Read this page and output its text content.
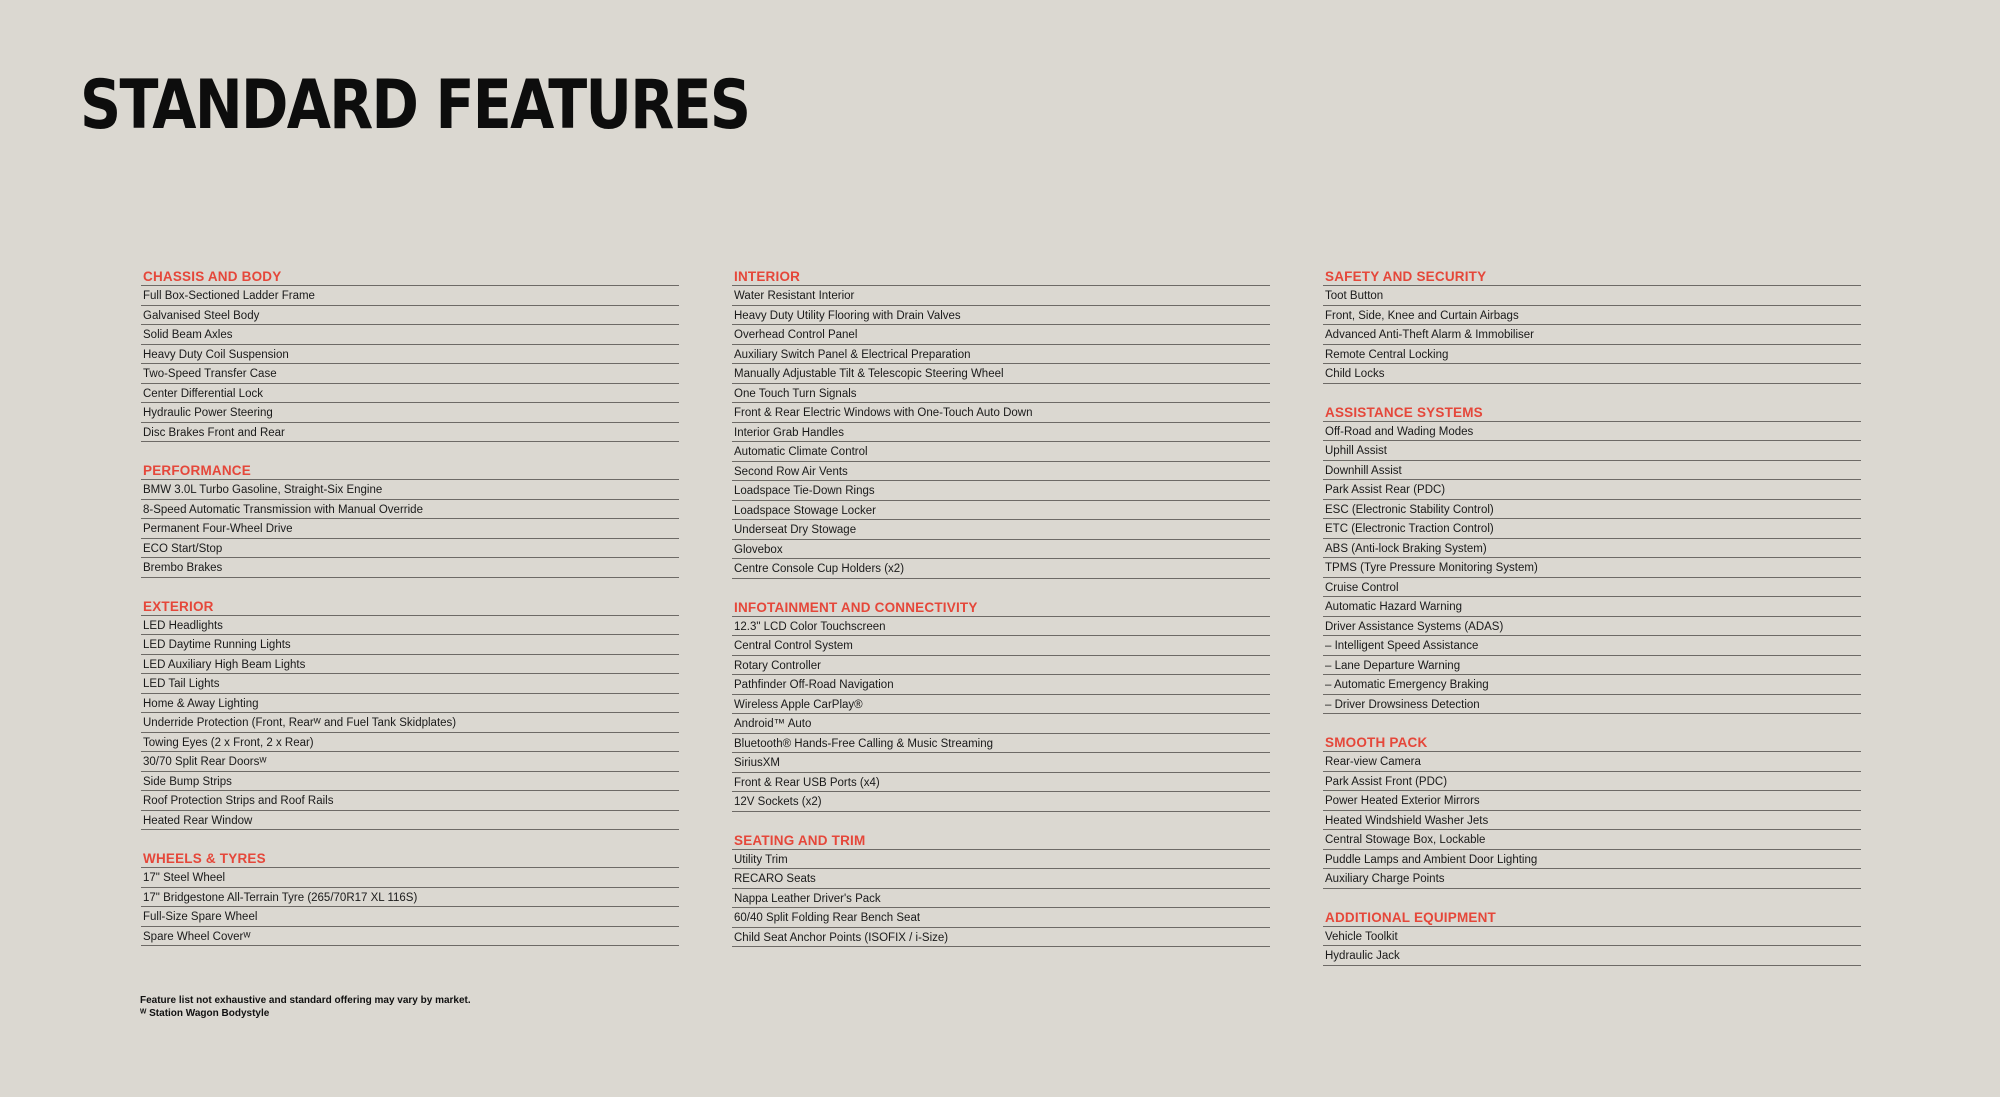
STANDARD FEATURES
CHASSIS AND BODY
Full Box-Sectioned Ladder Frame
Galvanised Steel Body
Solid Beam Axles
Heavy Duty Coil Suspension
Two-Speed Transfer Case
Center Differential Lock
Hydraulic Power Steering
Disc Brakes Front and Rear
PERFORMANCE
BMW 3.0L Turbo Gasoline, Straight-Six Engine
8-Speed Automatic Transmission with Manual Override
Permanent Four-Wheel Drive
ECO Start/Stop
Brembo Brakes
EXTERIOR
LED Headlights
LED Daytime Running Lights
LED Auxiliary High Beam Lights
LED Tail Lights
Home & Away Lighting
Underride Protection (Front, Rearᵂ and Fuel Tank Skidplates)
Towing Eyes (2 x Front, 2 x Rear)
30/70 Split Rear Doorsᵂ
Side Bump Strips
Roof Protection Strips and Roof Rails
Heated Rear Window
WHEELS & TYRES
17" Steel Wheel
17" Bridgestone All-Terrain Tyre (265/70R17 XL 116S)
Full-Size Spare Wheel
Spare Wheel Coverᵂ
INTERIOR
Water Resistant Interior
Heavy Duty Utility Flooring with Drain Valves
Overhead Control Panel
Auxiliary Switch Panel & Electrical Preparation
Manually Adjustable Tilt & Telescopic Steering Wheel
One Touch Turn Signals
Front & Rear Electric Windows with One-Touch Auto Down
Interior Grab Handles
Automatic Climate Control
Second Row Air Vents
Loadspace Tie-Down Rings
Loadspace Stowage Locker
Underseat Dry Stowage
Glovebox
Centre Console Cup Holders (x2)
INFOTAINMENT AND CONNECTIVITY
12.3" LCD Color Touchscreen
Central Control System
Rotary Controller
Pathfinder Off-Road Navigation
Wireless Apple CarPlay®
Android™ Auto
Bluetooth® Hands-Free Calling & Music Streaming
SiriusXM
Front & Rear USB Ports (x4)
12V Sockets (x2)
SEATING AND TRIM
Utility Trim
RECARO Seats
Nappa Leather Driver's Pack
60/40 Split Folding Rear Bench Seat
Child Seat Anchor Points (ISOFIX / i-Size)
SAFETY AND SECURITY
Toot Button
Front, Side, Knee and Curtain Airbags
Advanced Anti-Theft Alarm & Immobiliser
Remote Central Locking
Child Locks
ASSISTANCE SYSTEMS
Off-Road and Wading Modes
Uphill Assist
Downhill Assist
Park Assist Rear (PDC)
ESC (Electronic Stability Control)
ETC (Electronic Traction Control)
ABS (Anti-lock Braking System)
TPMS (Tyre Pressure Monitoring System)
Cruise Control
Automatic Hazard Warning
Driver Assistance Systems (ADAS)
– Intelligent Speed Assistance
– Lane Departure Warning
– Automatic Emergency Braking
– Driver Drowsiness Detection
SMOOTH PACK
Rear-view Camera
Park Assist Front (PDC)
Power Heated Exterior Mirrors
Heated Windshield Washer Jets
Central Stowage Box, Lockable
Puddle Lamps and Ambient Door Lighting
Auxiliary Charge Points
ADDITIONAL EQUIPMENT
Vehicle Toolkit
Hydraulic Jack
Feature list not exhaustive and standard offering may vary by market.
ᵂ Station Wagon Bodystyle
